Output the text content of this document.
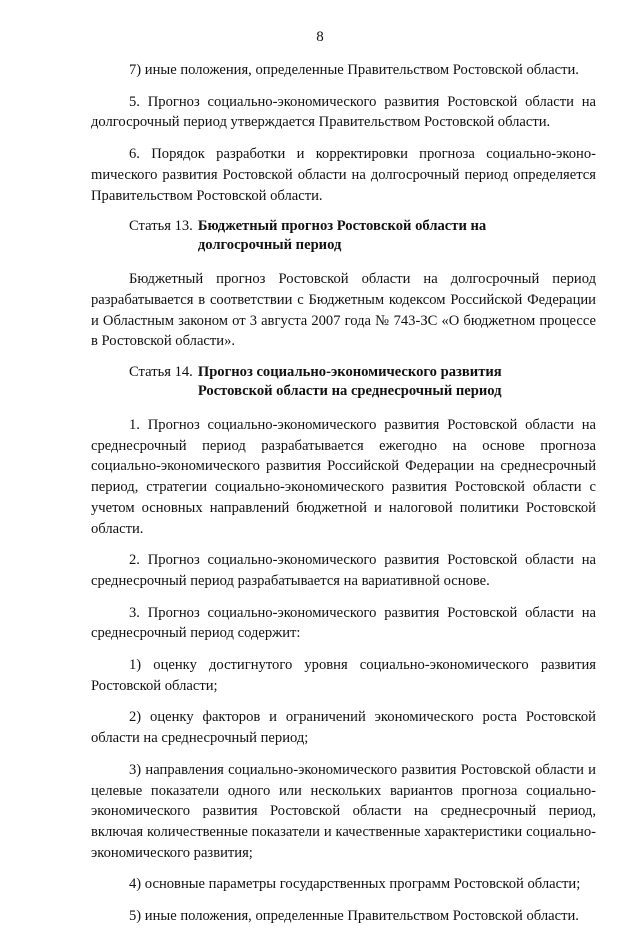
8

7) иные положения, определенные Правительством Ростовской области.

5. Прогноз социально-экономического развития Ростовской области на долгосрочный период утверждается Правительством Ростовской области.

6. Порядок разработки и корректировки прогноза социально-эконоmического развития Ростовской области на долгосрочный период определяется Правительством Ростовской области.

Статья 13. Бюджетный прогноз Ростовской области на
долгосрочный период

Бюджетный прогноз Ростовской области на долгосрочный период разрабатывается в соответствии с Бюджетным кодексом Российской Федерации и Областным законом от 3 августа 2007 года № 743-ЗС «О бюджетном процессе в Ростовской области».

Статья 14. Прогноз социально-экономического развития
Ростовской области на среднесрочный период

1. Прогноз социально-экономического развития Ростовской области на среднесрочный период разрабатывается ежегодно на основе прогноза социально-экономического развития Российской Федерации на среднесрочный период, стратегии социально-экономического развития Ростовской области с учетом основных направлений бюджетной и налоговой политики Ростовской области.

2. Прогноз социально-экономического развития Ростовской области на среднесрочный период разрабатывается на вариативной основе.

3. Прогноз социально-экономического развития Ростовской области на среднесрочный период содержит:

1) оценку достигнутого уровня социально-экономического развития Ростовской области;

2) оценку факторов и ограничений экономического роста Ростовской области на среднесрочный период;

3) направления социально-экономического развития Ростовской области и целевые показатели одного или нескольких вариантов прогноза социально-экономического развития Ростовской области на среднесрочный период, включая количественные показатели и качественные характеристики социально-экономического развития;

4) основные параметры государственных программ Ростовской области;

5) иные положения, определенные Правительством Ростовской области.
